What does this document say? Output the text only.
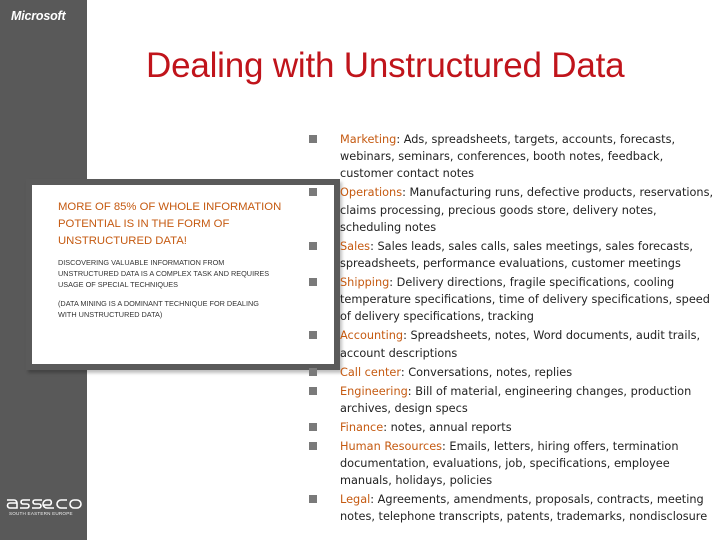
Microsoft
SOUTH EASTERN EUROPE
Dealing with Unstructured Data
MORE OF 85% OF WHOLE INFORMATION
POTENTIAL IS IN THE FORM OF
UNSTRUCTURED DATA!
DISCOVERING VALUABLE INFORMATION FROM
UNSTRUCTURED DATA IS A COMPLEX TASK AND REQUIRES
USAGE OF SPECIAL TECHNIQUES
(DATA MINING IS A DOMINANT TECHNIQUE FOR DEALING
WITH UNSTRUCTURED DATA)
Marketing: Ads, spreadsheets, targets, accounts, forecasts, webinars, seminars, conferences, booth notes, feedback, customer contact notes
Operations: Manufacturing runs, defective products, reservations, claims processing, precious goods store, delivery notes, scheduling notes
Sales: Sales leads, sales calls, sales meetings, sales forecasts, spreadsheets, performance evaluations, customer meetings
Shipping: Delivery directions, fragile specifications, cooling temperature specifications, time of delivery specifications, speed of delivery specifications, tracking
Accounting: Spreadsheets, notes, Word documents, audit trails, account descriptions
Call center: Conversations, notes, replies
Engineering: Bill of material, engineering changes, production archives, design specs
Finance: notes, annual reports
Human Resources: Emails, letters, hiring offers, termination documentation, evaluations, job, specifications, employee manuals, holidays, policies
Legal: Agreements, amendments, proposals, contracts, meeting notes, telephone transcripts, patents, trademarks, nondisclosure
